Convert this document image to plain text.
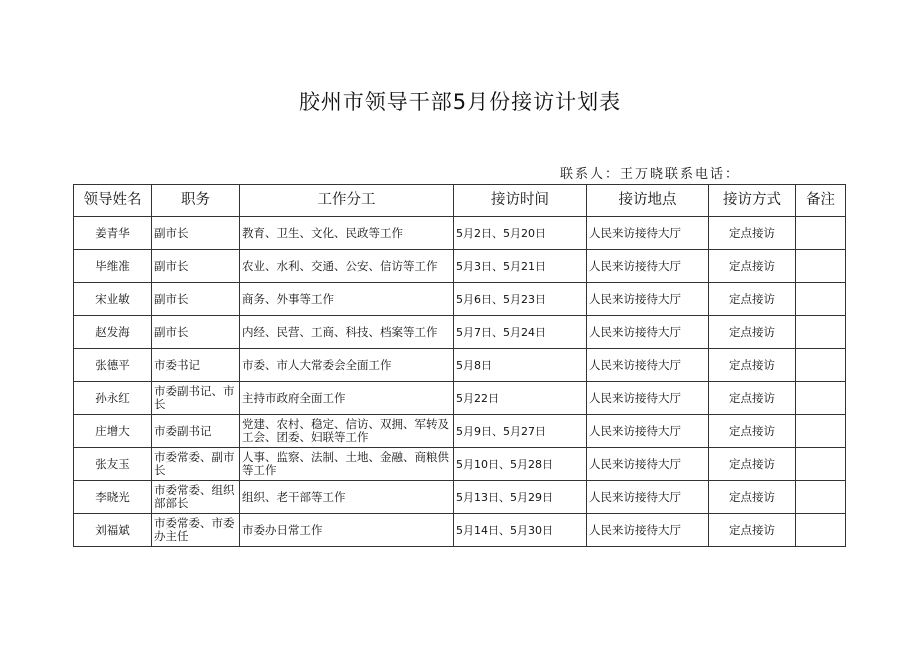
胶州市领导干部5月份接访计划表
联系人：王万晓联系电话：
领导姓名	职务	工作分工	接访时间	接访地点	接访方式	备注
姜青华	副市长	教育、卫生、文化、民政等工作	5月2日、5月20日	人民来访接待大厅	定点接访	
毕维准	副市长	农业、水利、交通、公安、信访等工作	5月3日、5月21日	人民来访接待大厅	定点接访	
宋业敏	副市长	商务、外事等工作	5月6日、5月23日	人民来访接待大厅	定点接访	
赵发海	副市长	内经、民营、工商、科技、档案等工作	5月7日、5月24日	人民来访接待大厅	定点接访	
张德平	市委书记	市委、市人大常委会全面工作	5月8日	人民来访接待大厅	定点接访	
孙永红	市委副书记、市长	主持市政府全面工作	5月22日	人民来访接待大厅	定点接访	
庄增大	市委副书记	党建、农村、稳定、信访、双拥、军转及工会、团委、妇联等工作	5月9日、5月27日	人民来访接待大厅	定点接访	
张友玉	市委常委、副市长	人事、监察、法制、土地、金融、商粮供等工作	5月10日、5月28日	人民来访接待大厅	定点接访	
李晓光	市委常委、组织部部长	组织、老干部等工作	5月13日、5月29日	人民来访接待大厅	定点接访	
刘福斌	市委常委、市委办主任	市委办日常工作	5月14日、5月30日	人民来访接待大厅	定点接访	
